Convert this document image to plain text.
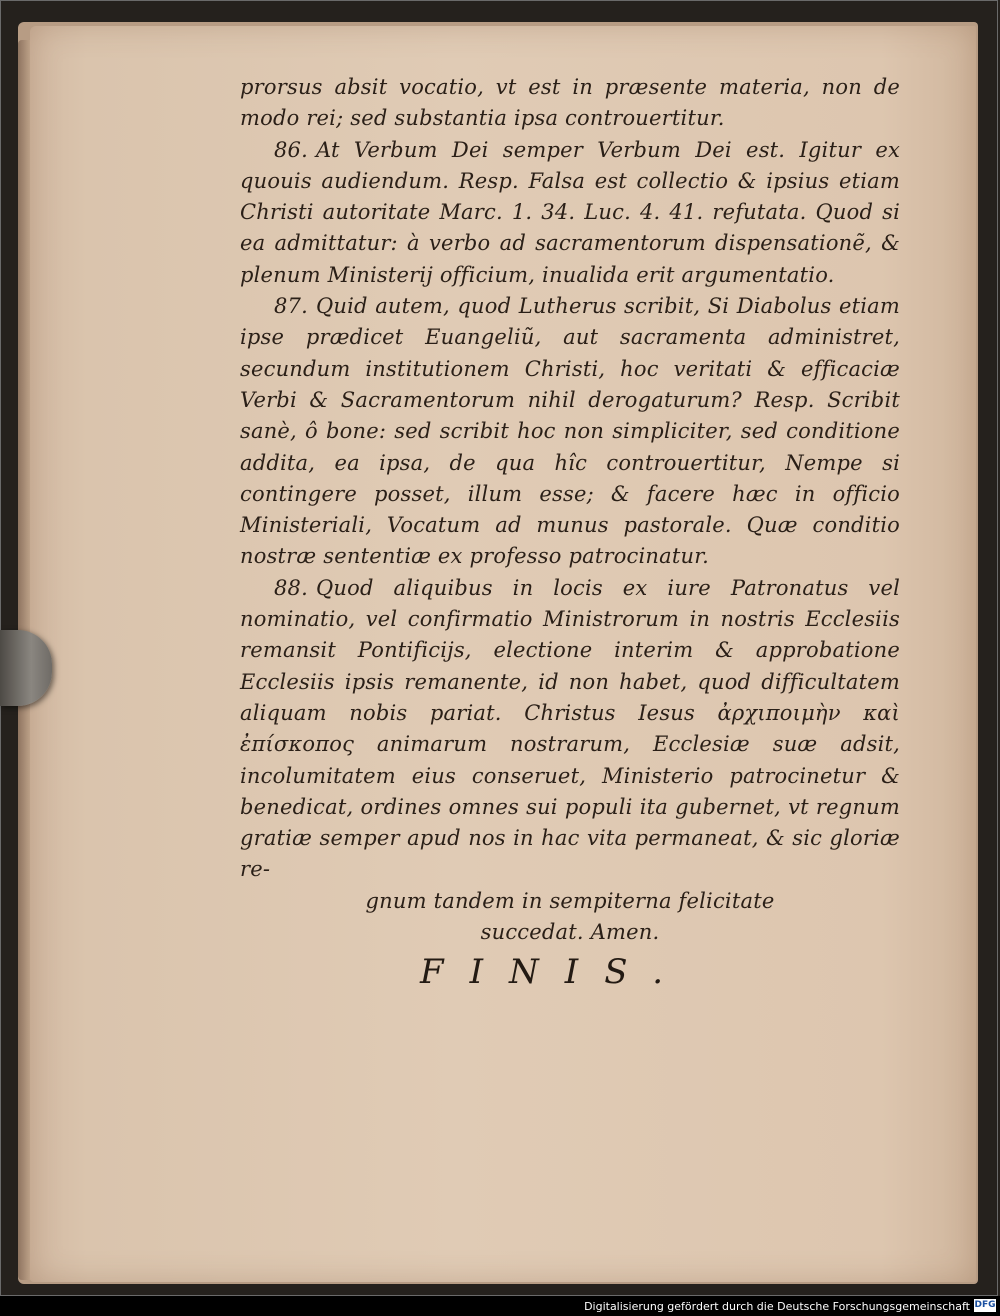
prorsus absit vocatio, vt est in præsente materia, non de modo rei; sed substantia ipsa controuertitur.

86. At Verbum Dei semper Verbum Dei est. Igitur ex quouis audiendum. Resp. Falsa est collectio & ipsius etiam Christi autoritate Marc. 1. 34. Luc. 4. 41. refutata. Quod si ea admittatur: à verbo ad sacramentorum dispensationẽ, & plenum Ministerij officium, inualida erit argumentatio.

87. Quid autem, quod Lutherus scribit, Si Diabolus etiam ipse prædicet Euangeliũ, aut sacramenta administret, secundum institutionem Christi, hoc veritati & efficaciæ Verbi & Sacramentorum nihil derogaturum? Resp. Scribit sanè, ô bone: sed scribit hoc non simpliciter, sed conditione addita, ea ipsa, de qua hîc controuertitur, Nempe si contingere posset, illum esse; & facere hæc in officio Ministeriali, Vocatum ad munus pastorale. Quæ conditio nostræ sententiæ ex professo patrocinatur.

88. Quod aliquibus in locis ex iure Patronatus vel nominatio, vel confirmatio Ministrorum in nostris Ecclesiis remansit Pontificijs, electione interim & approbatione Ecclesiis ipsis remanente, id non habet, quod difficultatem aliquam nobis pariat. Christus Iesus ἀρχιποιμὴν καὶ ἐπίσκοπος animarum nostrarum, Ecclesiæ suæ adsit, incolumitatem eius conseruet, Ministerio patrocinetur & benedicat, ordines omnes sui populi ita gubernet, vt regnum gratiæ semper apud nos in hac vita permaneat, & sic gloriæ re-

gnum tandem in sempiterna felicitate
succedat. Amen.

FINIS.
Digitalisierung gefördert durch die Deutsche Forschungsgemeinschaft DFG
